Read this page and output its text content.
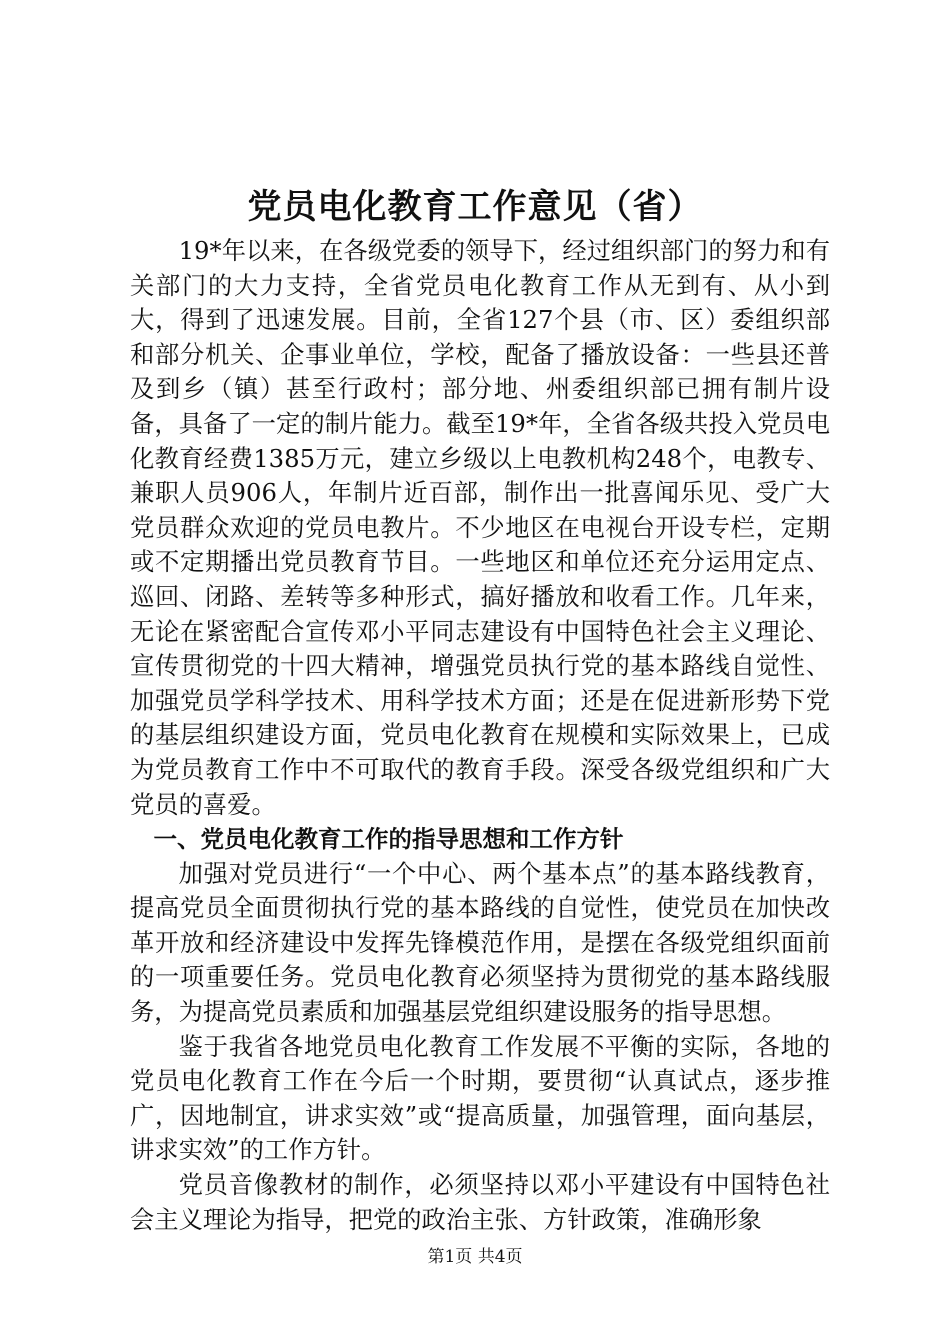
党员电化教育工作意见（省）

19*年以来，在各级党委的领导下，经过组织部门的努力和有关部门的大力支持，全省党员电化教育工作从无到有、从小到大，得到了迅速发展。目前，全省127个县（市、区）委组织部和部分机关、企事业单位，学校，配备了播放设备：一些县还普及到乡（镇）甚至行政村；部分地、州委组织部已拥有制片设备，具备了一定的制片能力。截至19*年，全省各级共投入党员电化教育经费1385万元，建立乡级以上电教机构248个，电教专、兼职人员906人，年制片近百部，制作出一批喜闻乐见、受广大党员群众欢迎的党员电教片。不少地区在电视台开设专栏，定期或不定期播出党员教育节目。一些地区和单位还充分运用定点、巡回、闭路、差转等多种形式，搞好播放和收看工作。几年来，无论在紧密配合宣传邓小平同志建设有中国特色社会主义理论、宣传贯彻党的十四大精神，增强党员执行党的基本路线自觉性、加强党员学科学技术、用科学技术方面；还是在促进新形势下党的基层组织建设方面，党员电化教育在规模和实际效果上，已成为党员教育工作中不可取代的教育手段。深受各级党组织和广大党员的喜爱。

一、党员电化教育工作的指导思想和工作方针

加强对党员进行“一个中心、两个基本点”的基本路线教育，提高党员全面贯彻执行党的基本路线的自觉性，使党员在加快改革开放和经济建设中发挥先锋模范作用，是摆在各级党组织面前的一项重要任务。党员电化教育必须坚持为贯彻党的基本路线服务，为提高党员素质和加强基层党组织建设服务的指导思想。

鉴于我省各地党员电化教育工作发展不平衡的实际，各地的党员电化教育工作在今后一个时期，要贯彻“认真试点，逐步推广，因地制宜，讲求实效”或“提高质量，加强管理，面向基层，讲求实效”的工作方针。

党员音像教材的制作，必须坚持以邓小平建设有中国特色社会主义理论为指导，把党的政治主张、方针政策，准确形象

第1页 共4页
